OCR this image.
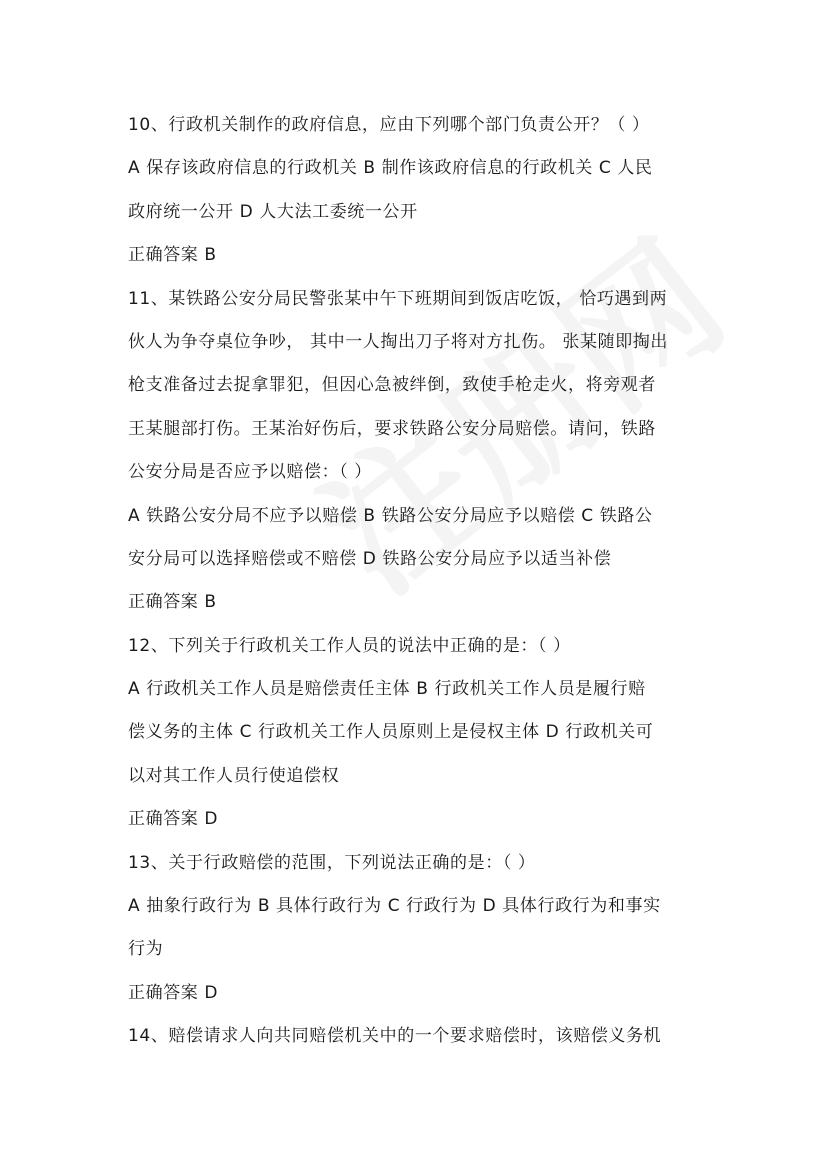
10、行政机关制作的政府信息，应由下列哪个部门负责公开？（ ）
A 保存该政府信息的行政机关 B 制作该政府信息的行政机关 C 人民
政府统一公开 D 人大法工委统一公开
正确答案 B
11、某铁路公安分局民警张某中午下班期间到饭店吃饭， 恰巧遇到两
伙人为争夺桌位争吵， 其中一人掏出刀子将对方扎伤。 张某随即掏出
枪支准备过去捉拿罪犯，但因心急被绊倒，致使手枪走火，将旁观者
王某腿部打伤。王某治好伤后，要求铁路公安分局赔偿。请问，铁路
公安分局是否应予以赔偿：（ ）
A 铁路公安分局不应予以赔偿 B 铁路公安分局应予以赔偿 C 铁路公
安分局可以选择赔偿或不赔偿 D 铁路公安分局应予以适当补偿
正确答案 B
12、下列关于行政机关工作人员的说法中正确的是：（ ）
A 行政机关工作人员是赔偿责任主体 B 行政机关工作人员是履行赔
偿义务的主体 C 行政机关工作人员原则上是侵权主体 D 行政机关可
以对其工作人员行使追偿权
正确答案 D
13、关于行政赔偿的范围，下列说法正确的是：（ ）
A 抽象行政行为 B 具体行政行为 C 行政行为 D 具体行政行为和事实
行为
正确答案 D
14、赔偿请求人向共同赔偿机关中的一个要求赔偿时，该赔偿义务机
